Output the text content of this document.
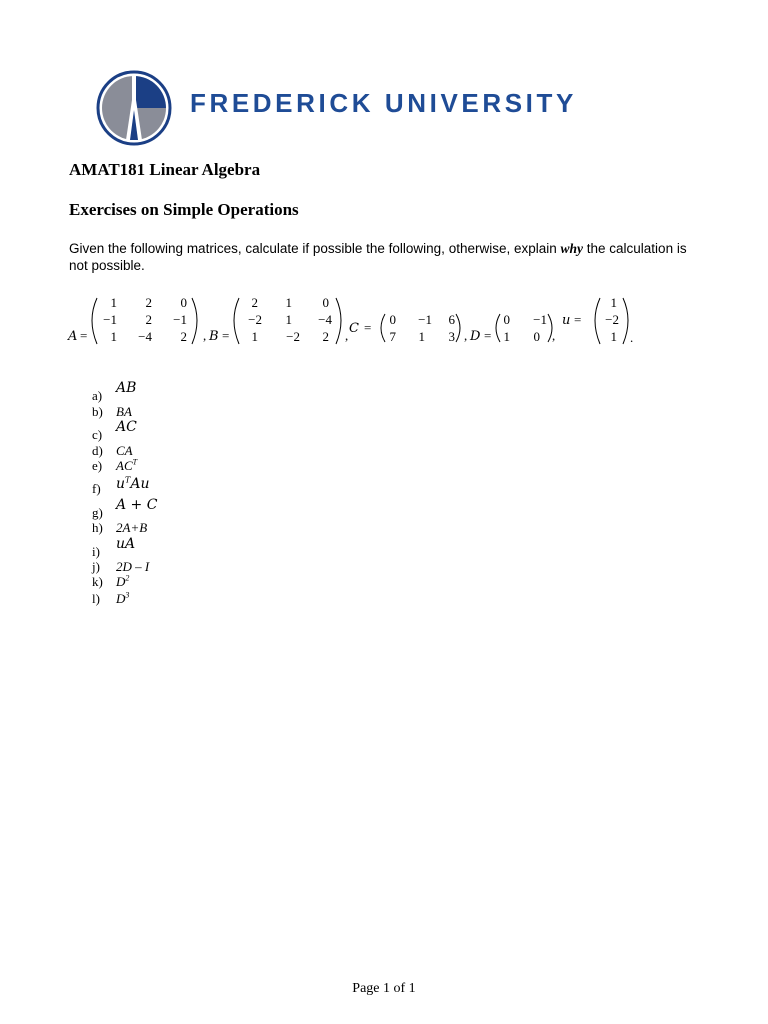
FREDERICK UNIVERSITY
AMAT181 Linear Algebra
Exercises on Simple Operations
Given the following matrices, calculate if possible the following, otherwise, explain why the calculation is not possible.
A =
1 2 0
−1 2 −1
1 −4 2 , B =
2 1 0
−2 1 −4
1 −2 2 , C =
0 −1 6
7 1 3 , D =
0 −1
1 0 ,
u =
1
−2
1 .
a) AB
b)	BA
c) AC
d)	CA
e)	$AC^T$
f)	$u^TAu$
g) A + C
h)	2A+B
i)	uA
j)	2D – I
k)	$D^2$
l)	$D^3$
Page 1 of 1
